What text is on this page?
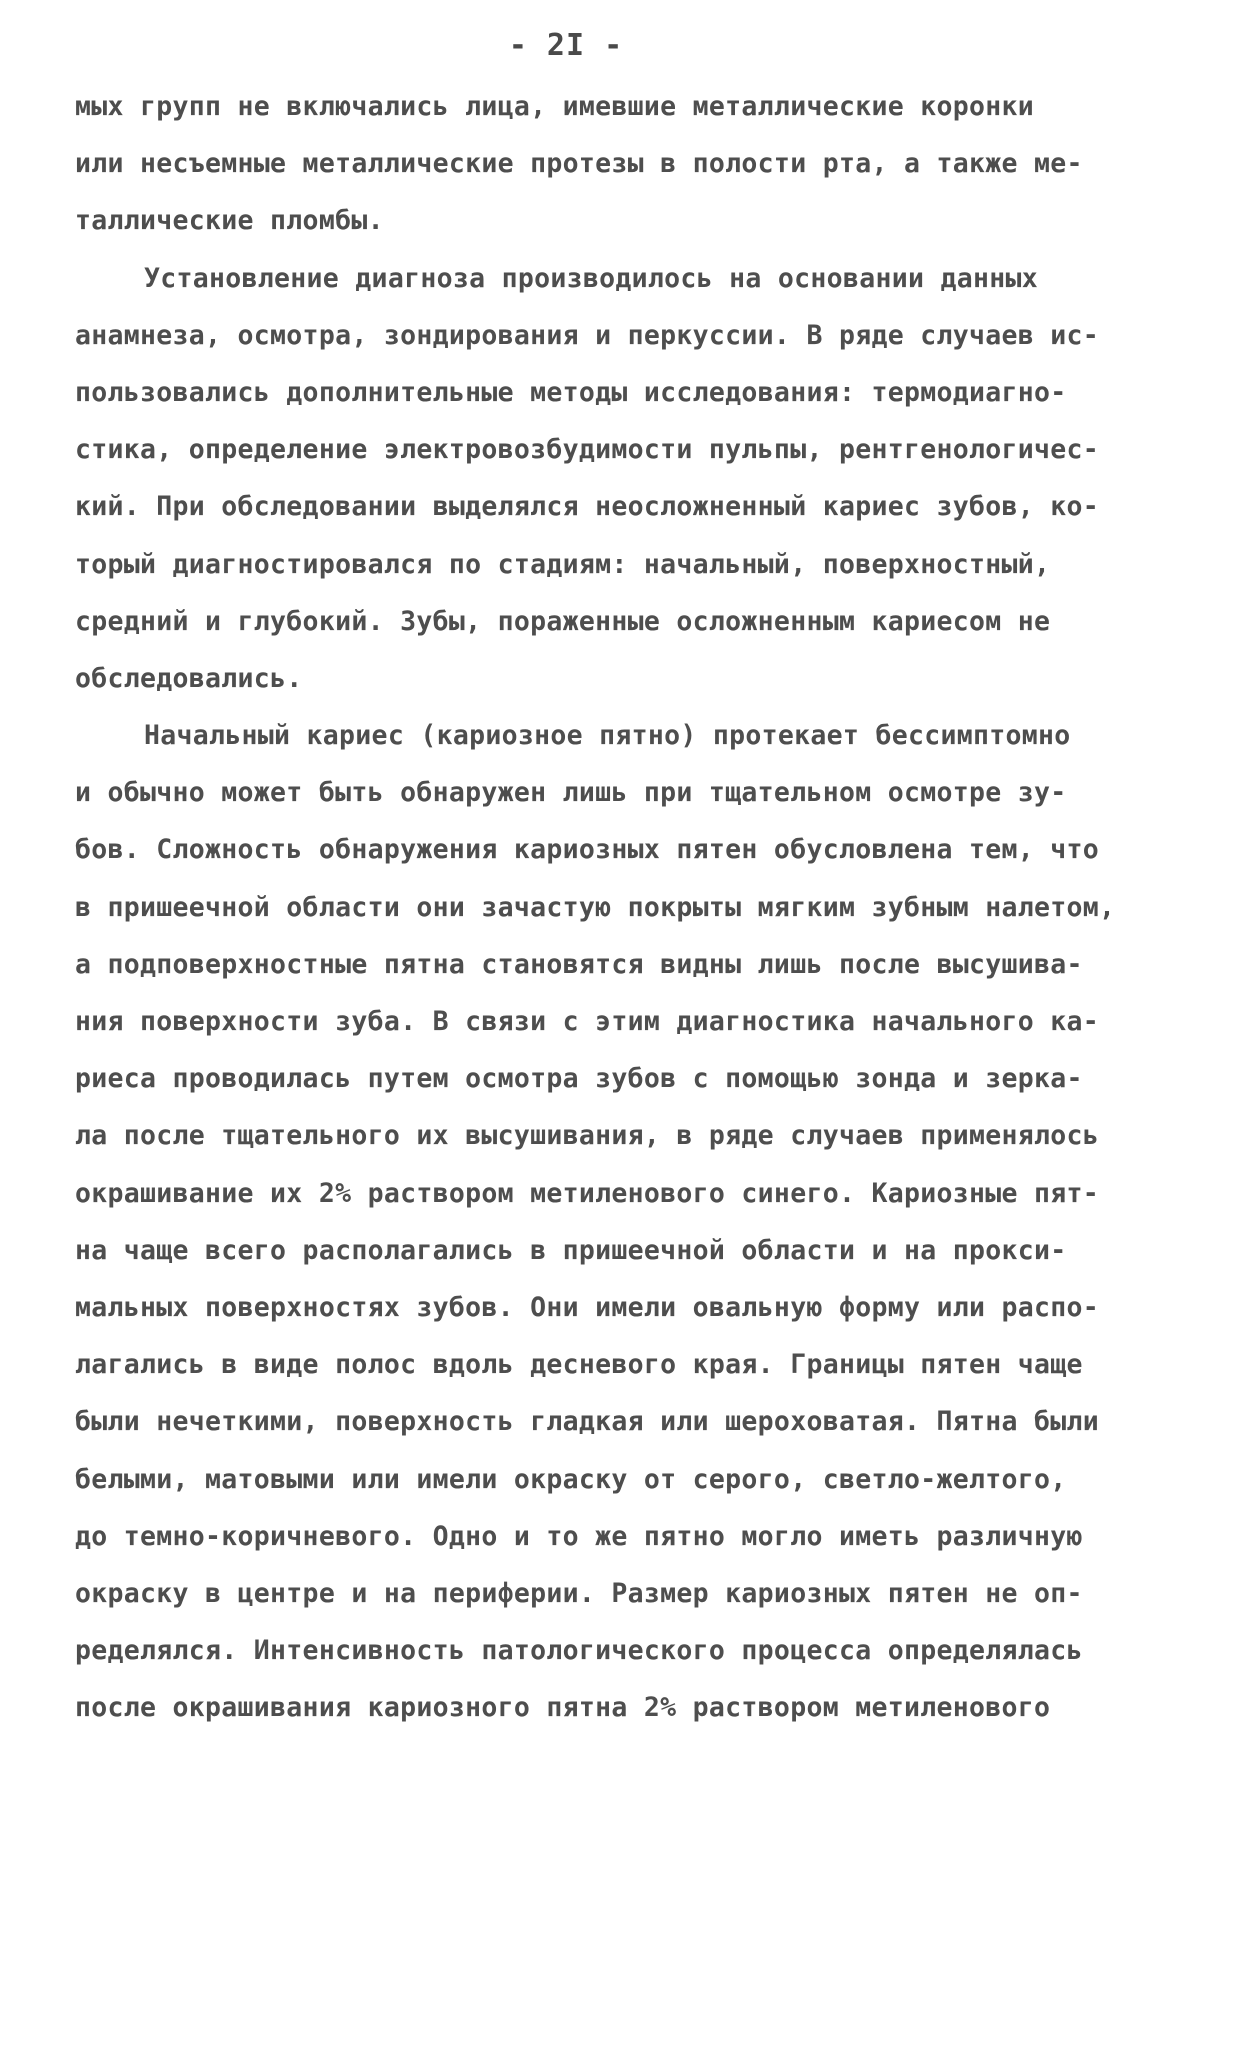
- 2I -
мых групп не включались лица, имевшие металлические коронки
или несъемные металлические протезы в полости рта, а также ме-
таллические пломбы.
Установление диагноза производилось на основании данных
анамнеза, осмотра, зондирования и перкуссии. В ряде случаев ис-
пользовались дополнительные методы исследования: термодиагно-
стика, определение электровозбудимости пульпы, рентгенологичес-
кий. При обследовании выделялся неосложненный кариес зубов, ко-
торый диагностировался по стадиям: начальный, поверхностный,
средний и глубокий. Зубы, пораженные осложненным кариесом не
обследовались.
Начальный кариес (кариозное пятно) протекает бессимптомно
и обычно может быть обнаружен лишь при тщательном осмотре зу-
бов. Сложность обнаружения кариозных пятен обусловлена тем, что
в пришеечной области они зачастую покрыты мягким зубным налетом,
а подповерхностные пятна становятся видны лишь после высушива-
ния поверхности зуба. В связи с этим диагностика начального ка-
риеса проводилась путем осмотра зубов с помощью зонда и зерка-
ла после тщательного их высушивания, в ряде случаев применялось
окрашивание их 2% раствором метиленового синего. Кариозные пят-
на чаще всего располагались в пришеечной области и на прокси-
мальных поверхностях зубов. Они имели овальную форму или распо-
лагались в виде полос вдоль десневого края. Границы пятен чаще
были нечеткими, поверхность гладкая или шероховатая. Пятна были
белыми, матовыми или имели окраску от серого, светло-желтого,
до темно-коричневого. Одно и то же пятно могло иметь различную
окраску в центре и на периферии. Размер кариозных пятен не оп-
ределялся. Интенсивность патологического процесса определялась
после окрашивания кариозного пятна 2% раствором метиленового
